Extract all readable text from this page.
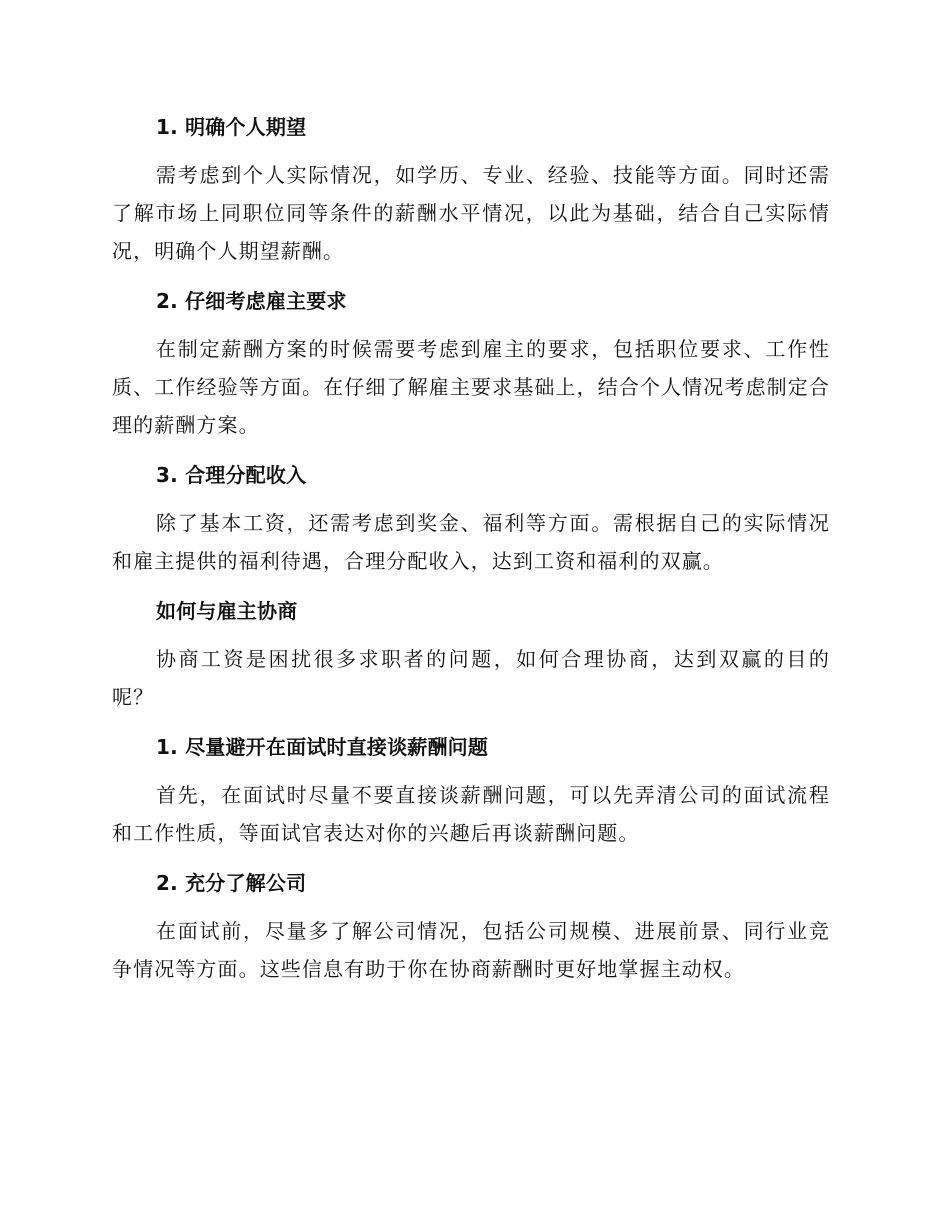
1. 明确个人期望

需考虑到个人实际情况，如学历、专业、经验、技能等方面。同时还需了解市场上同职位同等条件的薪酬水平情况，以此为基础，结合自己实际情况，明确个人期望薪酬。

2. 仔细考虑雇主要求

在制定薪酬方案的时候需要考虑到雇主的要求，包括职位要求、工作性质、工作经验等方面。在仔细了解雇主要求基础上，结合个人情况考虑制定合理的薪酬方案。

3. 合理分配收入

除了基本工资，还需考虑到奖金、福利等方面。需根据自己的实际情况和雇主提供的福利待遇，合理分配收入，达到工资和福利的双赢。

如何与雇主协商

协商工资是困扰很多求职者的问题，如何合理协商，达到双赢的目的呢？

1. 尽量避开在面试时直接谈薪酬问题

首先，在面试时尽量不要直接谈薪酬问题，可以先弄清公司的面试流程和工作性质，等面试官表达对你的兴趣后再谈薪酬问题。

2. 充分了解公司

在面试前，尽量多了解公司情况，包括公司规模、进展前景、同行业竞争情况等方面。这些信息有助于你在协商薪酬时更好地掌握主动权。
